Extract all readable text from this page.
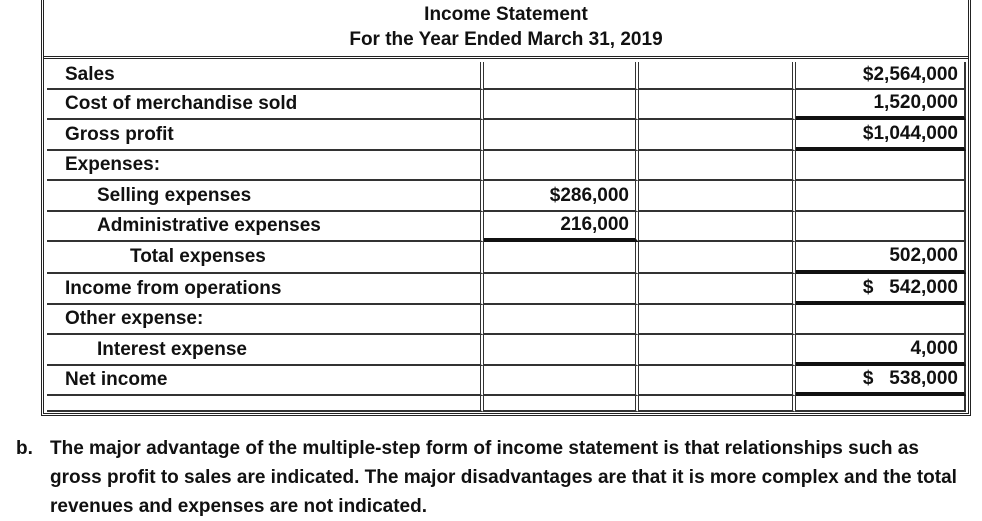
Income Statement
For the Year Ended March 31, 2019
Sales			$2,564,000
Cost of merchandise sold			1,520,000
Gross profit			$1,044,000
Expenses:			
Selling expenses	$286,000		
Administrative expenses	216,000		
Total expenses			502,000
Income from operations			$   542,000
Other expense:			
Interest expense			4,000
Net income			$   538,000

b. The major advantage of the multiple-step form of income statement is that relationships such as gross profit to sales are indicated. The major disadvantages are that it is more complex and the total revenues and expenses are not indicated.
